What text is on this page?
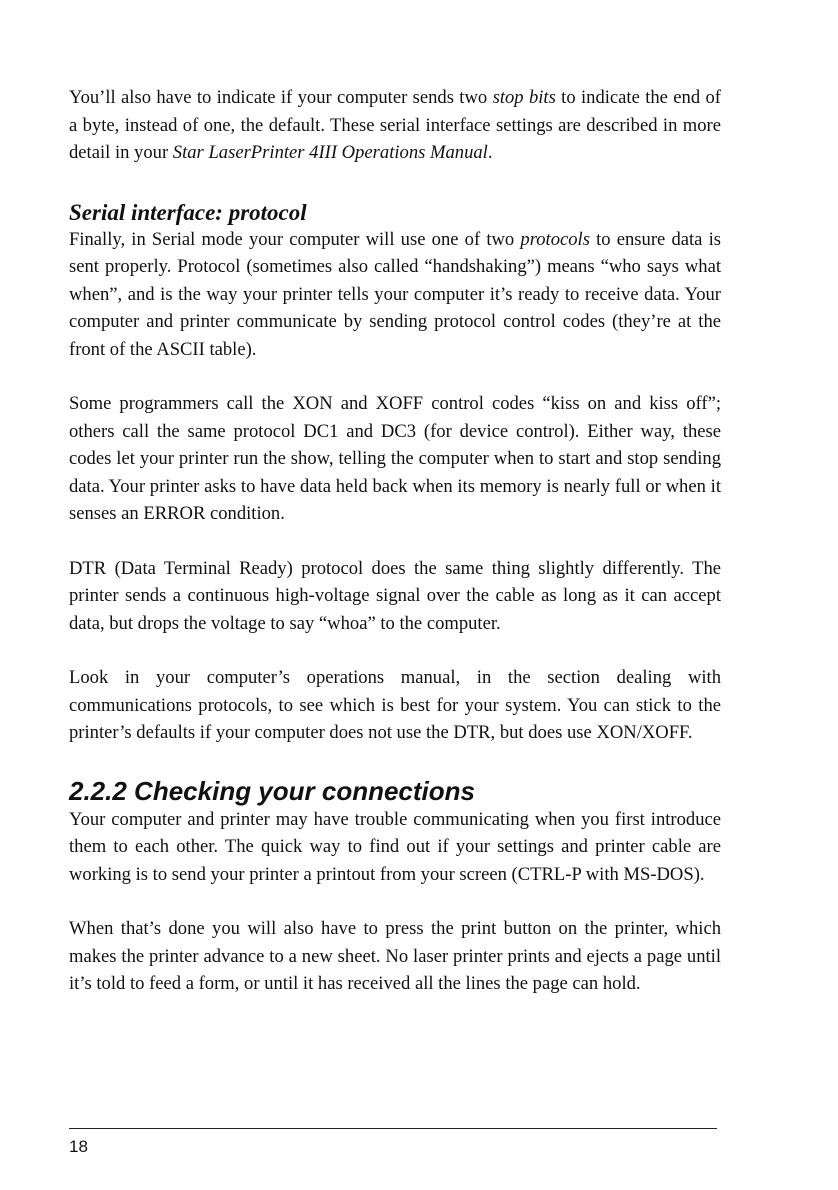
You’ll also have to indicate if your computer sends two stop bits to indicate the end of a byte, instead of one, the default. These serial interface settings are described in more detail in your Star LaserPrinter 4III Operations Manual.

Serial interface: protocol

Finally, in Serial mode your computer will use one of two protocols to ensure data is sent properly. Protocol (sometimes also called “handshaking”) means “who says what when”, and is the way your printer tells your computer it’s ready to receive data. Your computer and printer communicate by sending protocol control codes (they’re at the front of the ASCII table).

Some programmers call the XON and XOFF control codes “kiss on and kiss off”; others call the same protocol DC1 and DC3 (for device control). Either way, these codes let your printer run the show, telling the computer when to start and stop sending data. Your printer asks to have data held back when its memory is nearly full or when it senses an ERROR condition.

DTR (Data Terminal Ready) protocol does the same thing slightly differently. The printer sends a continuous high-voltage signal over the cable as long as it can accept data, but drops the voltage to say “whoa” to the computer.

Look in your computer’s operations manual, in the section dealing with communications protocols, to see which is best for your system. You can stick to the printer’s defaults if your computer does not use the DTR, but does use XON/XOFF.

2.2.2 Checking your connections

Your computer and printer may have trouble communicating when you first introduce them to each other. The quick way to find out if your settings and printer cable are working is to send your printer a printout from your screen (CTRL-P with MS-DOS).

When that’s done you will also have to press the print button on the printer, which makes the printer advance to a new sheet. No laser printer prints and ejects a page until it’s told to feed a form, or until it has received all the lines the page can hold.

18
